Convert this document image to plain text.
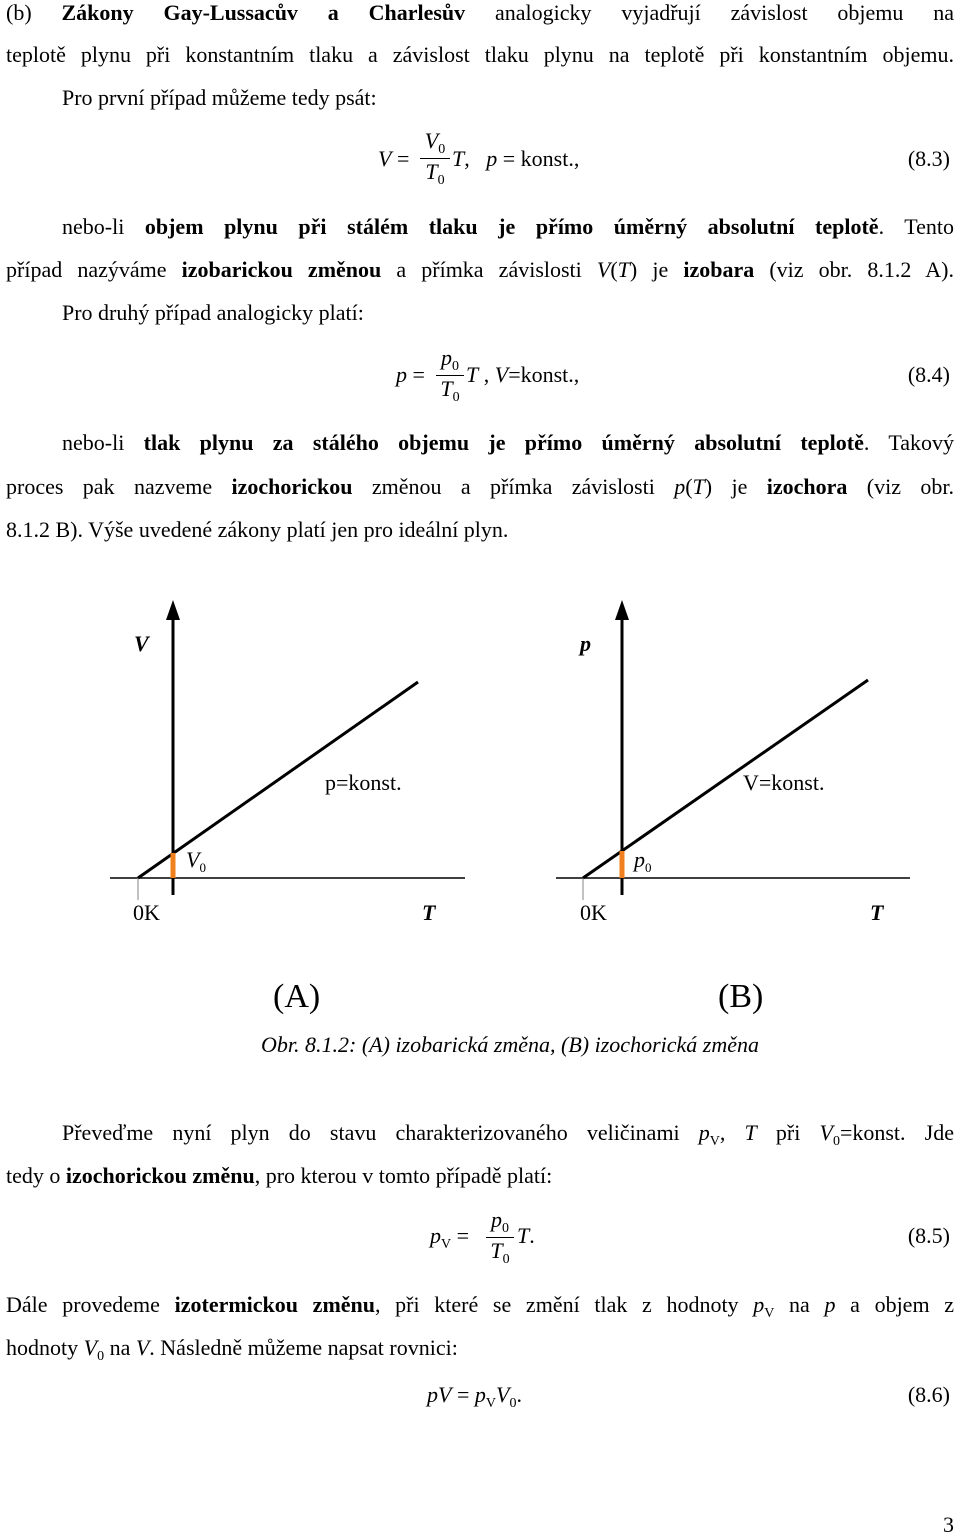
(b) Zákony Gay-Lussacův a Charlesův analogicky vyjadřují závislost objemu na
teplotě plynu při konstantním tlaku a závislost tlaku plynu na teplotě při konstantním objemu.
Pro první případ můžeme tedy psát:
V =
$V_0$
$T_0$
T,   p = konst.,	(8.3)
nebo-li objem plynu při stálém tlaku je přímo úměrný absolutní teplotě. Tento
případ nazýváme izobarickou změnou a přímka závislosti V(T) je izobara (viz obr. 8.1.2 A).
Pro druhý případ analogicky platí:
p =
$p_0$
$T_0$
T , V=konst.,	(8.4)
nebo-li tlak plynu za stálého objemu je přímo úměrný absolutní teplotě. Takový
proces pak nazveme izochorickou změnou a přímka závislosti p(T) je izochora (viz obr.
8.1.2 B). Výše uvedené zákony platí jen pro ideální plyn.
V
T
0K
p=konst.
$V_0$
(A)
p
T
0K
V=konst.
$p_0$
(B)
Obr. 8.1.2: (A) izobarická změna, (B) izochorická změna
Převeďme nyní plyn do stavu charakterizovaného veličinami $p_V$, T při $V_0=konst$. Jde
tedy o izochorickou změnu, pro kterou v tomto případě platí:
$p_V$ =
$p_0$
$T_0$
T.	(8.5)
Dále provedeme izotermickou změnu, při které se změní tlak z hodnoty $p_V$ na p a objem z
hodnoty $V_0$ na V. Následně můžeme napsat rovnici:
pV = $p_VV_0$.	(8.6)
3
